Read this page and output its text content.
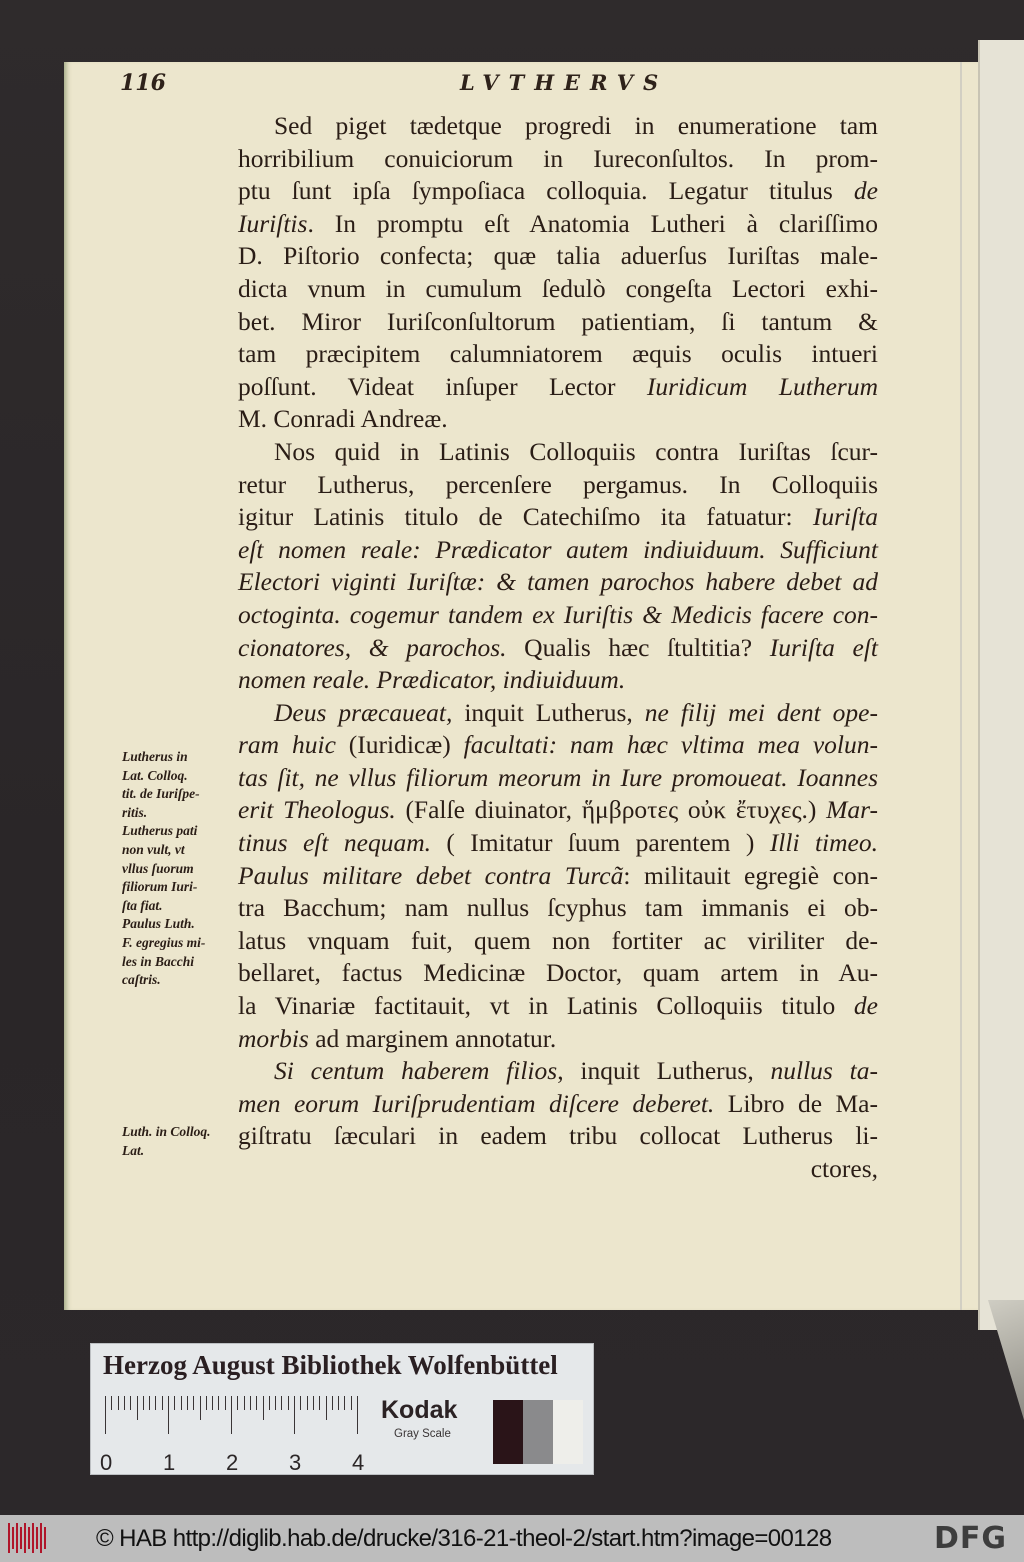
116	LVTHERVS
Sed piget tædetque progredi in enumeratione tam
horribilium conuiciorum in Iureconſultos. In prom-
ptu ſunt ipſa ſympoſiaca colloquia. Legatur titulus de
Iuriſtis. In promptu eſt Anatomia Lutheri à clariſſimo
D. Piſtorio confecta; quæ talia aduerſus Iuriſtas male-
dicta vnum in cumulum ſedulò congeſta Lectori exhi-
bet. Miror Iuriſconſultorum patientiam, ſi tantum &
tam præcipitem calumniatorem æquis oculis intueri
poſſunt. Videat inſuper Lector Iuridicum Lutherum
M. Conradi Andreæ.
Nos quid in Latinis Colloquiis contra Iuriſtas ſcur-
retur Lutherus, percenſere pergamus. In Colloquiis
igitur Latinis titulo de Catechiſmo ita fatuatur: Iuriſta
eſt nomen reale: Prædicator autem indiuiduum. Sufficiunt
Electori viginti Iuriſtæ: & tamen parochos habere debet ad
octoginta. cogemur tandem ex Iuriſtis & Medicis facere con-
cionatores, & parochos. Qualis hæc ſtultitia? Iuriſta eſt
nomen reale. Prædicator, indiuiduum.
Deus præcaueat, inquit Lutherus, ne filij mei dent ope-
ram huic (Iuridicæ) facultati: nam hæc vltima mea volun-
tas ſit, ne vllus filiorum meorum in Iure promoueat. Ioannes
erit Theologus. (Falſe diuinator, ἥμβροτες οὐκ ἔτυχες.) Mar-
tinus eſt nequam. ( Imitatur ſuum parentem ) Illi timeo.
Paulus militare debet contra Turcã: militauit egregiè con-
tra Bacchum; nam nullus ſcyphus tam immanis ei ob-
latus vnquam fuit, quem non fortiter ac viriliter de-
bellaret, factus Medicinæ Doctor, quam artem in Au-
la Vinariæ factitauit, vt in Latinis Colloquiis titulo de
morbis ad marginem annotatur.
Si centum haberem filios, inquit Lutherus, nullus ta-
men eorum Iuriſprudentiam diſcere deberet. Libro de Ma-
giſtratu ſæculari in eadem tribu collocat Lutherus li-
ctores,
Lutherus in
Lat. Colloq.
tit. de Iuriſpe-
ritis.
Lutherus pati
non vult, vt
vllus ſuorum
filiorum Iuri-
ſta fiat.
Paulus Luth.
F. egregius mi-
les in Bacchi
caſtris.
Luth. in Colloq.
Lat.
Herzog August Bibliothek Wolfenbüttel
0 1 2 3 4
Kodak
Gray Scale
© HAB http://diglib.hab.de/drucke/316-21-theol-2/start.htm?image=00128	DFG
